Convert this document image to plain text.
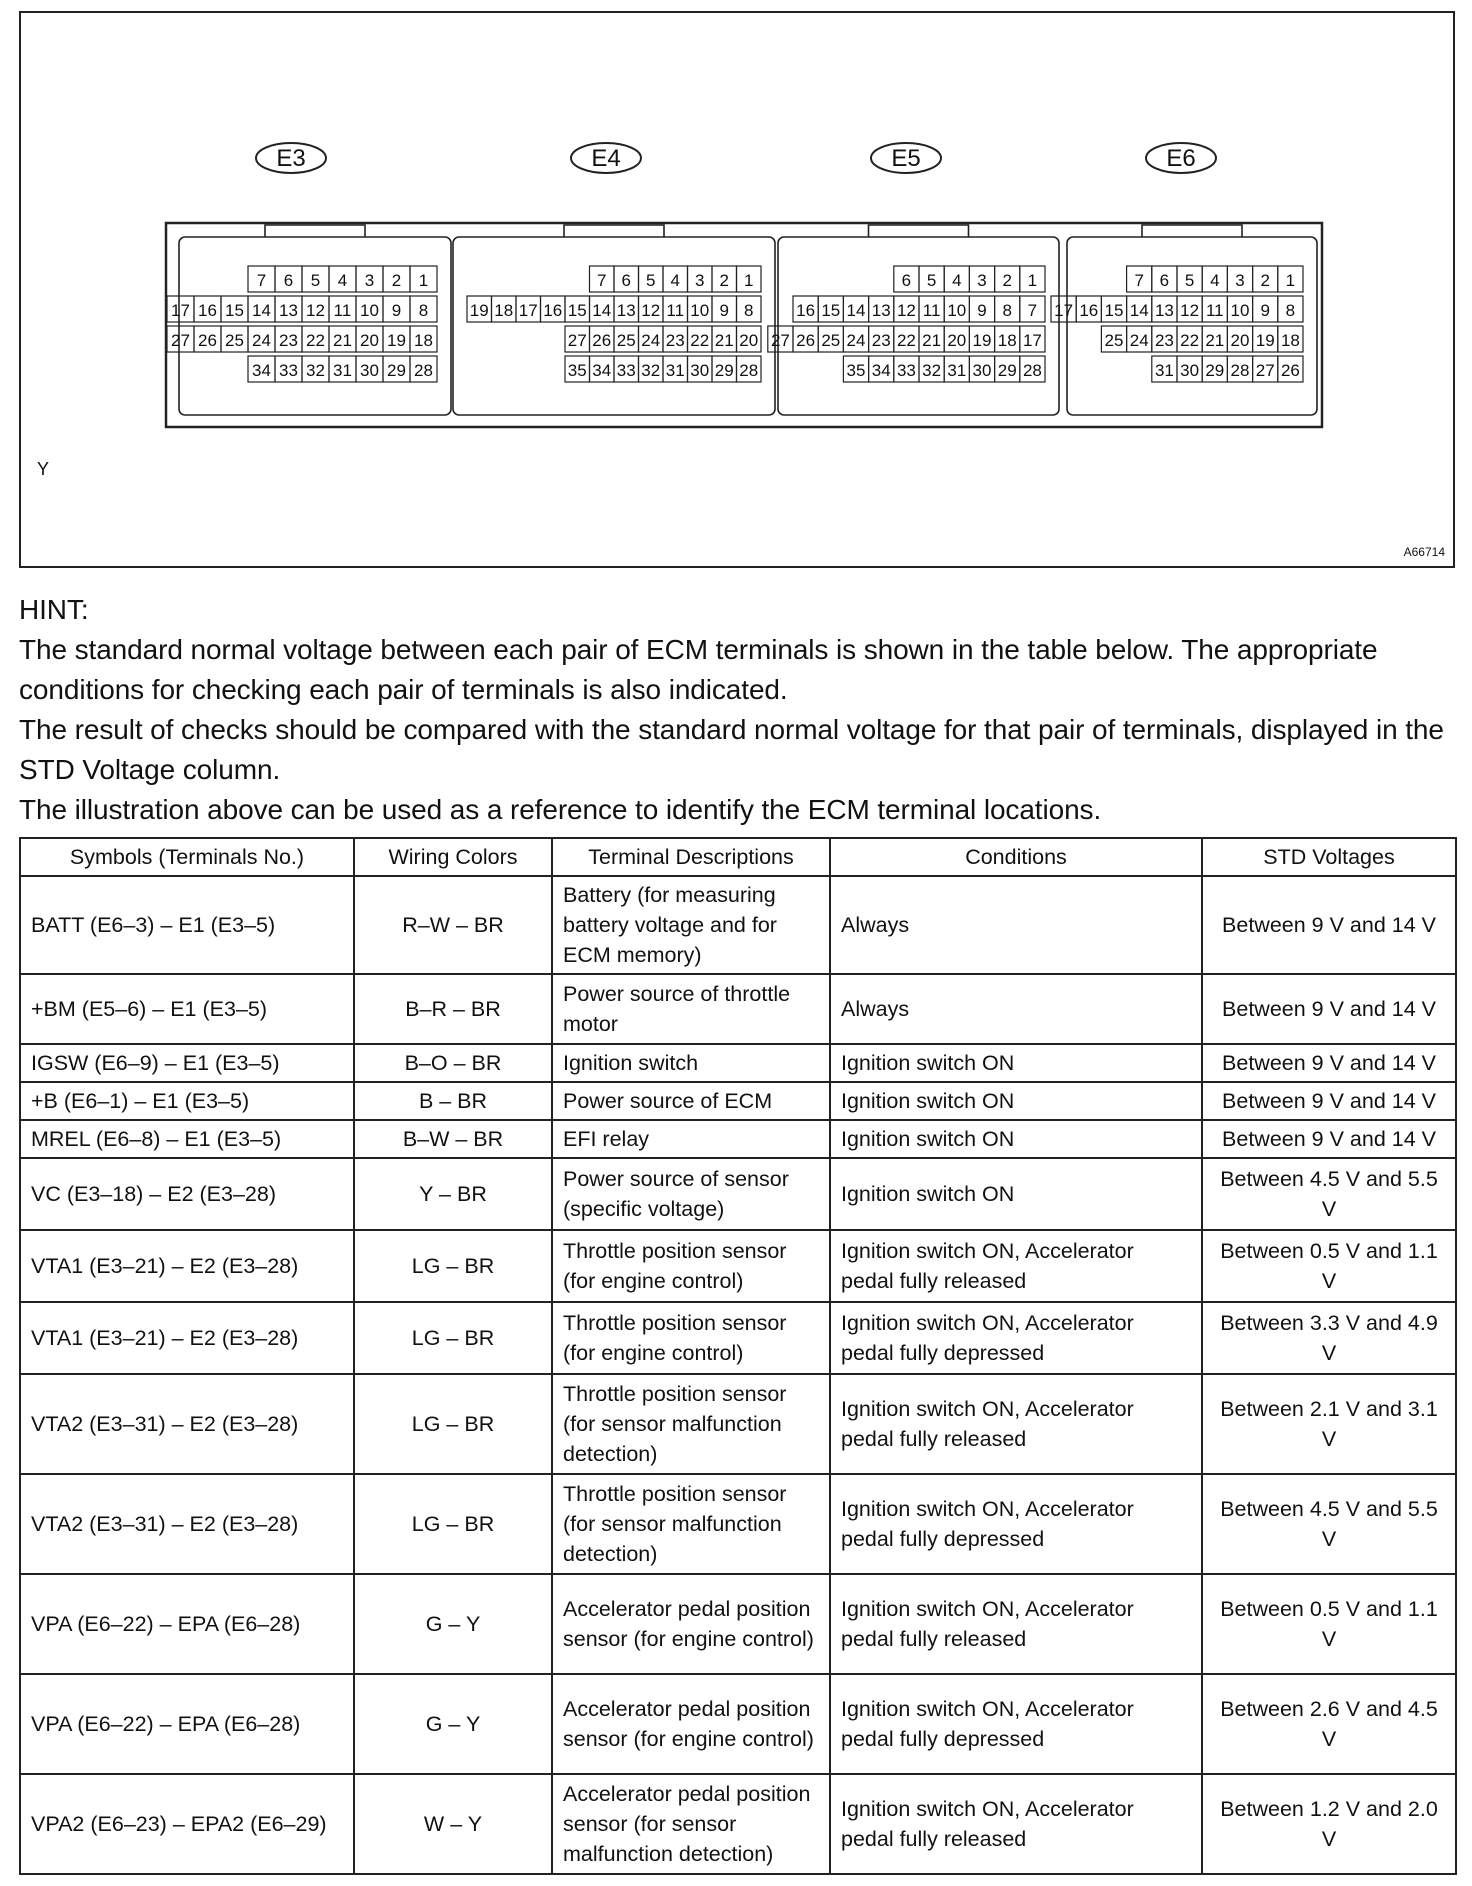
E3
7 6 5 4 3 2 1
17 16 15 14 13 12 11 10 9 8
27 26 25 24 23 22 21 20 19 18
34 33 32 31 30 29 28
E4
7 6 5 4 3 2 1
19 18 17 16 15 14 13 12 11 10 9 8
27 26 25 24 23 22 21 20
35 34 33 32 31 30 29 28
E5
6 5 4 3 2 1
16 15 14 13 12 11 10 9 8 7
27 26 25 24 23 22 21 20 19 18 17
35 34 33 32 31 30 29 28
E6
7 6 5 4 3 2 1
17 16 15 14 13 12 11 10 9 8
25 24 23 22 21 20 19 18
31 30 29 28 27 26
Y
A66714

HINT:

The standard normal voltage between each pair of ECM terminals is shown in the table below. The appropriate conditions for checking each pair of terminals is also indicated.

The result of checks should be compared with the standard normal voltage for that pair of terminals, displayed in the STD Voltage column.

The illustration above can be used as a reference to identify the ECM terminal locations.

Symbols (Terminals No.)	Wiring Colors	Terminal Descriptions	Conditions	STD Voltages
BATT (E6–3) – E1 (E3–5)	R–W – BR	Battery (for measuring battery voltage and for ECM memory)	Always	Between 9 V and 14 V
+BM (E5–6) – E1 (E3–5)	B–R – BR	Power source of throttle motor	Always	Between 9 V and 14 V
IGSW (E6–9) – E1 (E3–5)	B–O – BR	Ignition switch	Ignition switch ON	Between 9 V and 14 V
+B (E6–1) – E1 (E3–5)	B – BR	Power source of ECM	Ignition switch ON	Between 9 V and 14 V
MREL (E6–8) – E1 (E3–5)	B–W – BR	EFI relay	Ignition switch ON	Between 9 V and 14 V
VC (E3–18) – E2 (E3–28)	Y – BR	Power source of sensor (specific voltage)	Ignition switch ON	Between 4.5 V and 5.5 V
VTA1 (E3–21) – E2 (E3–28)	LG – BR	Throttle position sensor (for engine control)	Ignition switch ON, Accelerator pedal fully released	Between 0.5 V and 1.1 V
VTA1 (E3–21) – E2 (E3–28)	LG – BR	Throttle position sensor (for engine control)	Ignition switch ON, Accelerator pedal fully depressed	Between 3.3 V and 4.9 V
VTA2 (E3–31) – E2 (E3–28)	LG – BR	Throttle position sensor (for sensor malfunction detection)	Ignition switch ON, Accelerator pedal fully released	Between 2.1 V and 3.1 V
VTA2 (E3–31) – E2 (E3–28)	LG – BR	Throttle position sensor (for sensor malfunction detection)	Ignition switch ON, Accelerator pedal fully depressed	Between 4.5 V and 5.5 V
VPA (E6–22) – EPA (E6–28)	G – Y	Accelerator pedal position sensor (for engine control)	Ignition switch ON, Accelerator pedal fully released	Between 0.5 V and 1.1 V
VPA (E6–22) – EPA (E6–28)	G – Y	Accelerator pedal position sensor (for engine control)	Ignition switch ON, Accelerator pedal fully depressed	Between 2.6 V and 4.5 V
VPA2 (E6–23) – EPA2 (E6–29)	W – Y	Accelerator pedal position sensor (for sensor malfunction detection)	Ignition switch ON, Accelerator pedal fully released	Between 1.2 V and 2.0 V
